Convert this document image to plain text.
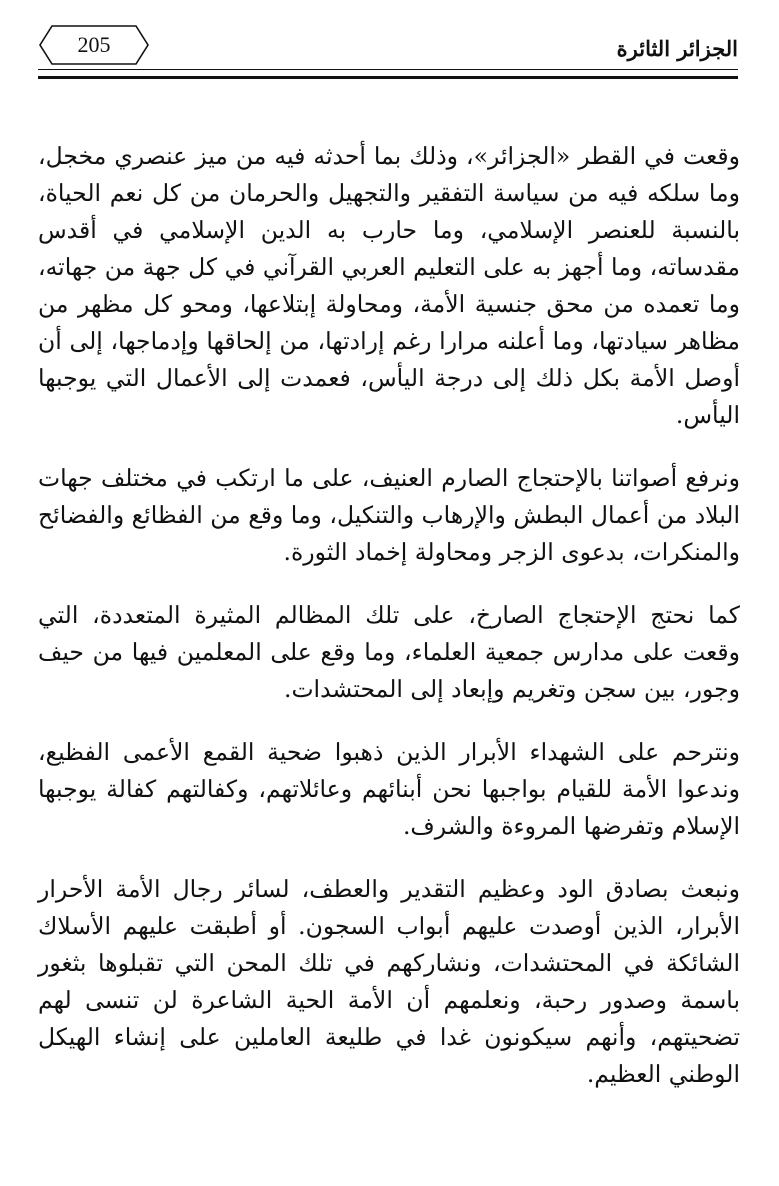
205	الجزائر الثائرة

وقعت في القطر «الجزائر»، وذلك بما أحدثه فيه من ميز عنصري مخجل، وما سلكه فيه من سياسة التفقير والتجهيل والحرمان من كل نعم الحياة، بالنسبة للعنصر الإسلامي، وما حارب به الدين الإسلامي في أقدس مقدساته، وما أجهز به على التعليم العربي القرآني في كل جهة من جهاته، وما تعمده من محق جنسية الأمة، ومحاولة إبتلاعها، ومحو كل مظهر من مظاهر سيادتها، وما أعلنه مرارا رغم إرادتها، من إلحاقها وإدماجها، إلى أن أوصل الأمة بكل ذلك إلى درجة اليأس، فعمدت إلى الأعمال التي يوجبها اليأس.

ونرفع أصواتنا بالإحتجاج الصارم العنيف، على ما ارتكب في مختلف جهات البلاد من أعمال البطش والإرهاب والتنكيل، وما وقع من الفظائع والفضائح والمنكرات، بدعوى الزجر ومحاولة إخماد الثورة.

كما نحتج الإحتجاج الصارخ، على تلك المظالم المثيرة المتعددة، التي وقعت على مدارس جمعية العلماء، وما وقع على المعلمين فيها من حيف وجور، بين سجن وتغريم وإبعاد إلى المحتشدات.

ونترحم على الشهداء الأبرار الذين ذهبوا ضحية القمع الأعمى الفظيع، وندعوا الأمة للقيام بواجبها نحن أبنائهم وعائلاتهم، وكفالتهم كفالة يوجبها الإسلام وتفرضها المروءة والشرف.

ونبعث بصادق الود وعظيم التقدير والعطف، لسائر رجال الأمة الأحرار الأبرار، الذين أوصدت عليهم أبواب السجون. أو أطبقت عليهم الأسلاك الشائكة في المحتشدات، ونشاركهم في تلك المحن التي تقبلوها بثغور باسمة وصدور رحبة، ونعلمهم أن الأمة الحية الشاعرة لن تنسى لهم تضحيتهم، وأنهم سيكونون غدا في طليعة العاملين على إنشاء الهيكل الوطني العظيم.
